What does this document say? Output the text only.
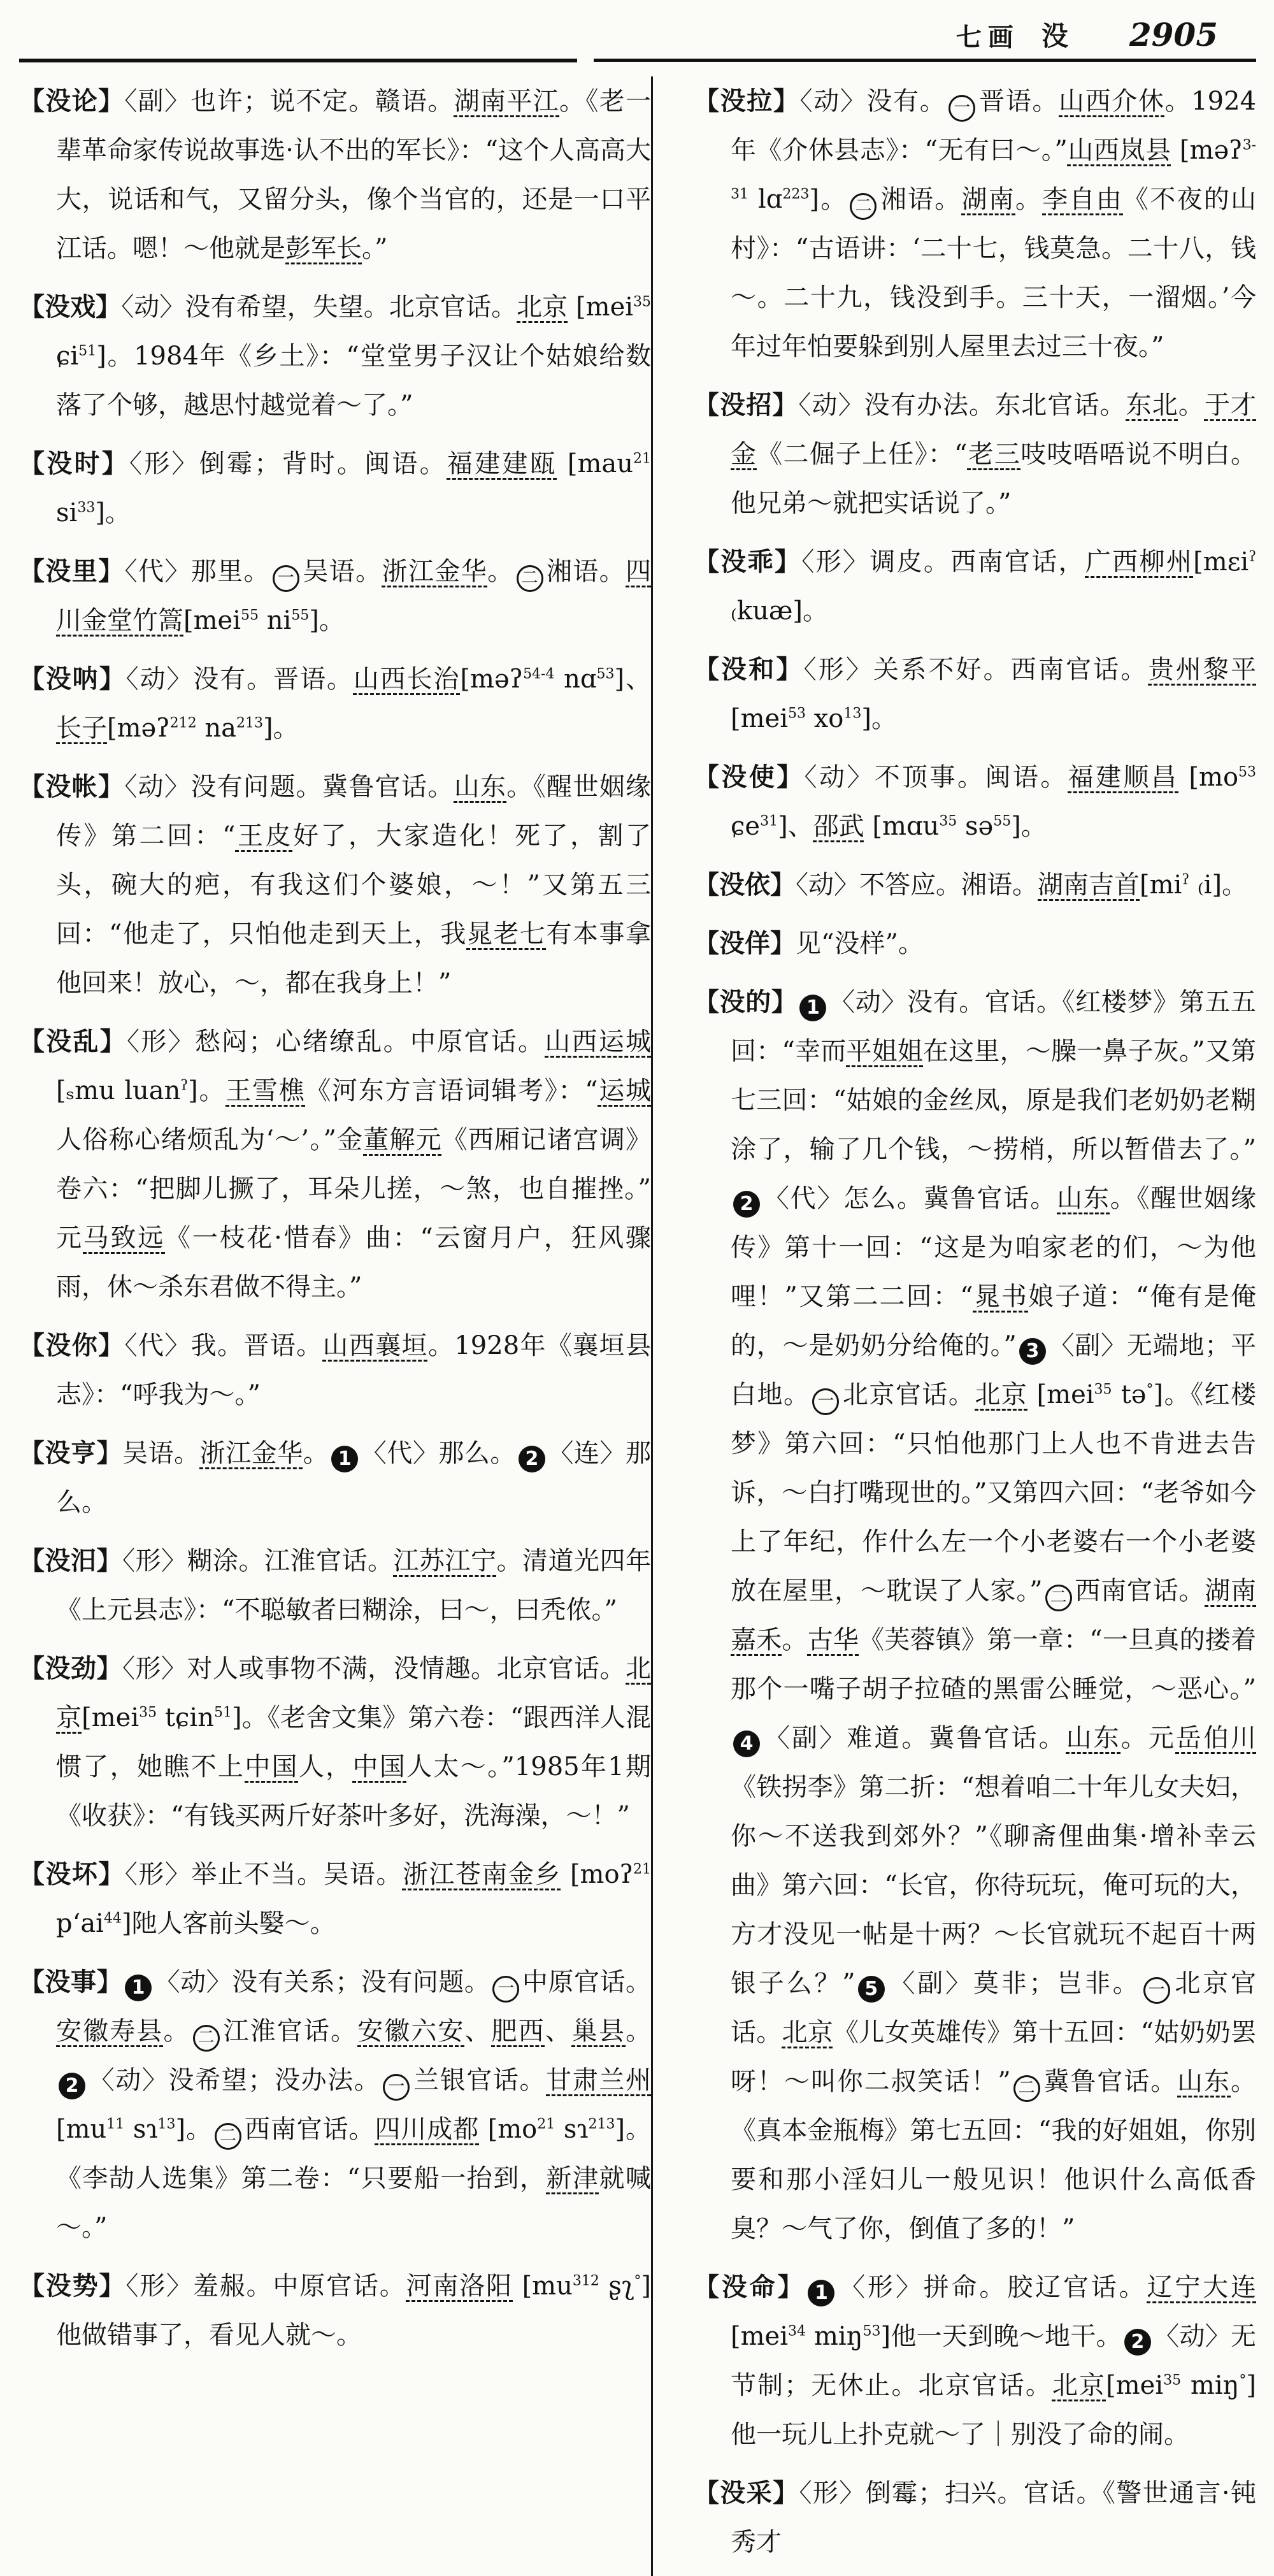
七画 没 2905

【没论】〈副〉也许；说不定。赣语。湖南平江。《老一辈革命家传说故事选·认不出的军长》：“这个人高高大大，说话和气，又留分头，像个当官的，还是一口平江话。嗯！～他就是彭军长。”

【没戏】〈动〉没有希望，失望。北京官话。北京 [mei$^{35}$ ɕi$^{51}$]。1984年《乡土》：“堂堂男子汉让个姑娘给数落了个够，越思忖越觉着～了。”

【没时】〈形〉倒霉；背时。闽语。福建建瓯 [mau$^{21}$ $si^{33}$]。

【没里】〈代〉那里。 一 吴语。浙江金华。 二 湘语。四川金堂竹篙[mei$^{55}$ $ni^{55}$]。

【没呐】〈动〉没有。晋语。山西长治[məʔ$^{54-4}$ nɑ$^{53}$]、长子[məʔ$^{212}$ $na^{213}$]。

【没帐】〈动〉没有问题。冀鲁官话。山东。《醒世姻缘传》第二回：“王皮好了，大家造化！死了，割了头，碗大的疤，有我这们个婆娘，～！”又第五三回：“他走了，只怕他走到天上，我晁老七有本事拿他回来！放心，～，都在我身上！”

【没乱】〈形〉愁闷；心绪缭乱。中原官话。山西运城[ₛmu luan$^ʔ$]。王雪樵《河东方言语词辑考》：“运城人俗称心绪烦乱为‘～’。”金董解元《西厢记诸宫调》卷六：“把脚儿撅了，耳朵儿搓，～煞，也自摧挫。”元马致远《一枝花·惜春》曲：“云窗月户，狂风骤雨，休～杀东君做不得主。”

【没你】〈代〉我。晋语。山西襄垣。1928年《襄垣县志》：“呼我为～。”

【没亨】吴语。浙江金华。 1 〈代〉那么。 2 〈连〉那么。

【没汨】〈形〉糊涂。江淮官话。江苏江宁。清道光四年《上元县志》：“不聪敏者曰糊涂，曰～，曰秃侬。”

【没劲】〈形〉对人或事物不满，没情趣。北京官话。北京[mei$^{35}$ tɕin$^{51}$]。《老舍文集》第六卷：“跟西洋人混惯了，她瞧不上中国人，中国人太～。”1985年1期《收获》：“有钱买两斤好茶叶多好，洗海澡，～！”

【没坏】〈形〉举止不当。吴语。浙江苍南金乡 [moʔ$^{21}$ $p‘ai^{44}$]阤人客前头嫛～。

【没事】 1 〈动〉没有关系；没有问题。 一 中原官话。安徽寿县。 二 江淮官话。安徽六安、肥西、巢县。2 〈动〉没希望；没办法。 一 兰银官话。甘肃兰州[$mu^{11}$ sɿ$^{13}$]。 二 西南官话。四川成都 [$mo^{21}$ sɿ$^{213}$]。《李劼人选集》第二卷：“只要船一抬到，新津就喊～。”

【没势】〈形〉羞赧。中原官话。河南洛阳 [$mu^{312}$ ʂʅ°]他做错事了，看见人就～。

【没拉】〈动〉没有。 一 晋语。山西介休。1924年《介休县志》：“无有曰～。”山西岚县 [məʔ$^{3-31}$ lɑ$^{223}$]。 二 湘语。湖南。李自由《不夜的山村》：“古语讲：‘二十七，钱莫急。二十八，钱～。二十九，钱没到手。三十天，一溜烟。’今年过年怕要躲到别人屋里去过三十夜。”

【没招】〈动〉没有办法。东北官话。东北。于才金《二倔子上任》：“老三吱吱唔唔说不明白。他兄弟～就把实话说了。”

【没乖】〈形〉调皮。西南官话，广西柳州[mɛi$^ʔ$ ₍kuæ]。

【没和】〈形〉关系不好。西南官话。贵州黎平 [mei$^{53}$ $xo^{13}$]。

【没使】〈动〉不顶事。闽语。福建顺昌 [$mo^{53}$ ɕe$^{31}$]、邵武 [mɑu$^{35}$ sə$^{55}$]。

【没依】〈动〉不答应。湘语。湖南吉首[$mi^ʔ$ ₍i]。

【没佯】见“没样”。

【没的】 1 〈动〉没有。官话。《红楼梦》第五五回：“幸而平姐姐在这里，～臊一鼻子灰。”又第七三回：“姑娘的金丝凤，原是我们老奶奶老糊涂了，输了几个钱，～捞梢，所以暂借去了。”2 〈代〉怎么。冀鲁官话。山东。《醒世姻缘传》第十一回：“这是为咱家老的们，～为他哩！”又第二二回：“晁书娘子道：“俺有是俺的，～是奶奶分给俺的。” 3 〈副〉无端地；平白地。 一 北京官话。北京 [mei$^{35}$ tə°]。《红楼梦》第六回：“只怕他那门上人也不肯进去告诉，～白打嘴现世的。”又第四六回：“老爷如今上了年纪，作什么左一个小老婆右一个小老婆放在屋里，～耽误了人家。” 二 西南官话。湖南嘉禾。古华《芙蓉镇》第一章：“一旦真的搂着那个一嘴子胡子拉碴的黑雷公睡觉，～恶心。”4 〈副〉难道。冀鲁官话。山东。元岳伯川《铁拐李》第二折：“想着咱二十年儿女夫妇，你～不送我到郊外？”《聊斋俚曲集·增补幸云曲》第六回：“长官，你待玩玩，俺可玩的大，方才没见一帖是十两？～长官就玩不起百十两银子么？” 5 〈副〉莫非；岂非。 一 北京官话。北京《儿女英雄传》第十五回：“姑奶奶罢呀！～叫你二叔笑话！” 二 冀鲁官话。山东。《真本金瓶梅》第七五回：“我的好姐姐，你别要和那小淫妇儿一般见识！他识什么高低香臭？～气了你，倒值了多的！”

【没命】 1 〈形〉拼命。胶辽官话。辽宁大连 [mei$^{34}$ miŋ$^{53}$]他一天到晚～地干。 2 〈动〉无节制；无休止。北京官话。北京[mei$^{35}$ miŋ°]他一玩儿上扑克就～了｜别没了命的闹。

【没采】〈形〉倒霉；扫兴。官话。《警世通言·钝秀才
